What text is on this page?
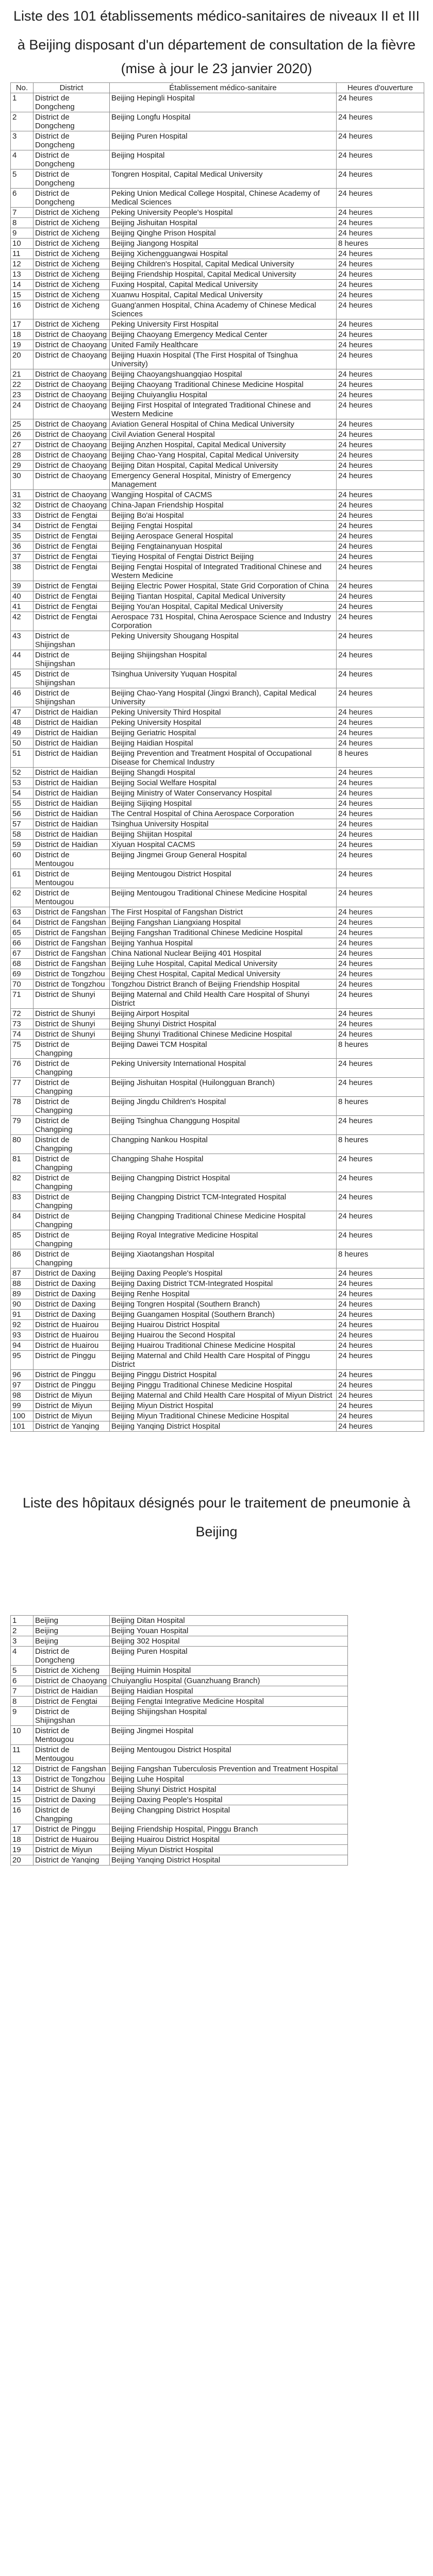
Liste des 101 établissements médico-sanitaires de niveaux II et III

à Beijing disposant d'un département de consultation de la fièvre

(mise à jour le 23 janvier 2020)

No.	District	Établissement médico-sanitaire	Heures d'ouverture
1	District de Dongcheng	Beijing Hepingli Hospital	24 heures
2	District de Dongcheng	Beijing Longfu Hospital	24 heures
3	District de Dongcheng	Beijing Puren Hospital	24 heures
4	District de Dongcheng	Beijing Hospital	24 heures
5	District de Dongcheng	Tongren Hospital, Capital Medical University	24 heures
6	District de Dongcheng	Peking Union Medical College Hospital, Chinese Academy of Medical Sciences	24 heures
7	District de Xicheng	Peking University People's Hospital	24 heures
8	District de Xicheng	Beijing Jishuitan Hospital	24 heures
9	District de Xicheng	Beijing Qinghe Prison Hospital	24 heures
10	District de Xicheng	Beijing Jiangong Hospital	8 heures
11	District de Xicheng	Beijing Xicheng​guang​wai Hospital	24 heures
12	District de Xicheng	Beijing Children's Hospital, Capital Medical University	24 heures
13	District de Xicheng	Beijing Friendship Hospital, Capital Medical University	24 heures
14	District de Xicheng	Fuxing Hospital, Capital Medical University	24 heures
15	District de Xicheng	Xuanwu Hospital, Capital Medical University	24 heures
16	District de Xicheng	Guang'anmen Hospital, China Academy of Chinese Medical Sciences	24 heures
17	District de Xicheng	Peking University First Hospital	24 heures
18	District de Chaoyang	Beijing Chaoyang Emergency Medical Center	24 heures
19	District de Chaoyang	United Family Healthcare	24 heures
20	District de Chaoyang	Beijing Huaxin Hospital (The First Hospital of Tsinghua University)	24 heures
21	District de Chaoyang	Beijing Chaoyangshuangqiao Hospital	24 heures
22	District de Chaoyang	Beijing Chaoyang Traditional Chinese Medicine Hospital	24 heures
23	District de Chaoyang	Beijing Chuiyangliu Hospital	24 heures
24	District de Chaoyang	Beijing First Hospital of Integrated Traditional Chinese and Western Medicine	24 heures
25	District de Chaoyang	Aviation General Hospital of China Medical University	24 heures
26	District de Chaoyang	Civil Aviation General Hospital	24 heures
27	District de Chaoyang	Beijing Anzhen Hospital, Capital Medical University	24 heures
28	District de Chaoyang	Beijing Chao-Yang Hospital, Capital Medical University	24 heures
29	District de Chaoyang	Beijing Ditan Hospital, Capital Medical University	24 heures
30	District de Chaoyang	Emergency General Hospital, Ministry of Emergency Management	24 heures
31	District de Chaoyang	Wangjing Hospital of CACMS	24 heures
32	District de Chaoyang	China-Japan Friendship Hospital	24 heures
33	District de Fengtai	Beijing Bo'ai Hospital	24 heures
34	District de Fengtai	Beijing Fengtai Hospital	24 heures
35	District de Fengtai	Beijing Aerospace General Hospital	24 heures
36	District de Fengtai	Beijing Fengtainanyuan Hospital	24 heures
37	District de Fengtai	Tieying Hospital of Fengtai District Beijing	24 heures
38	District de Fengtai	Beijing Fengtai Hospital of Integrated Traditional Chinese and Western Medicine	24 heures
39	District de Fengtai	Beijing Electric Power Hospital, State Grid Corporation of China	24 heures
40	District de Fengtai	Beijing Tiantan Hospital, Capital Medical University	24 heures
41	District de Fengtai	Beijing You'an Hospital, Capital Medical University	24 heures
42	District de Fengtai	Aerospace 731 Hospital, China Aerospace Science and Industry Corporation	24 heures
43	District de Shijingshan	Peking University Shougang Hospital	24 heures
44	District de Shijingshan	Beijing Shijingshan Hospital	24 heures
45	District de Shijingshan	Tsinghua University Yuquan Hospital	24 heures
46	District de Shijingshan	Beijing Chao-Yang Hospital (Jingxi Branch), Capital Medical University	24 heures
47	District de Haidian	Peking University Third Hospital	24 heures
48	District de Haidian	Peking University Hospital	24 heures
49	District de Haidian	Beijing Geriatric Hospital	24 heures
50	District de Haidian	Beijing Haidian Hospital	24 heures
51	District de Haidian	Beijing Prevention and Treatment Hospital of Occupational Disease for Chemical Industry	8 heures
52	District de Haidian	Beijing Shangdi Hospital	24 heures
53	District de Haidian	Beijing Social Welfare Hospital	24 heures
54	District de Haidian	Beijing Ministry of Water Conservancy Hospital	24 heures
55	District de Haidian	Beijing Sijiqing Hospital	24 heures
56	District de Haidian	The Central Hospital of China Aerospace Corporation	24 heures
57	District de Haidian	Tsinghua University Hospital	24 heures
58	District de Haidian	Beijing Shijitan Hospital	24 heures
59	District de Haidian	Xiyuan Hospital CACMS	24 heures
60	District de Mentougou	Beijing Jingmei Group General Hospital	24 heures
61	District de Mentougou	Beijing Mentougou District Hospital	24 heures
62	District de Mentougou	Beijing Mentougou Traditional Chinese Medicine Hospital	24 heures
63	District de Fangshan	The First Hospital of Fangshan District	24 heures
64	District de Fangshan	Beijing Fangshan Liangxiang Hospital	24 heures
65	District de Fangshan	Beijing Fangshan Traditional Chinese Medicine Hospital	24 heures
66	District de Fangshan	Beijing Yanhua Hospital	24 heures
67	District de Fangshan	China National Nuclear Beijing 401 Hospital	24 heures
68	District de Fangshan	Beijing Luhe Hospital, Capital Medical University	24 heures
69	District de Tongzhou	Beijing Chest Hospital, Capital Medical University	24 heures
70	District de Tongzhou	Tongzhou District Branch of Beijing Friendship Hospital	24 heures
71	District de Shunyi	Beijing Maternal and Child Health Care Hospital of Shunyi District	24 heures
72	District de Shunyi	Beijing Airport Hospital	24 heures
73	District de Shunyi	Beijing Shunyi District Hospital	24 heures
74	District de Shunyi	Beijing Shunyi Traditional Chinese Medicine Hospital	24 heures
75	District de Changping	Beijing Dawei TCM Hospital	8 heures
76	District de Changping	Peking University International Hospital	24 heures
77	District de Changping	Beijing Jishuitan Hospital (Huilongguan Branch)	24 heures
78	District de Changping	Beijing Jingdu Children's Hospital	8 heures
79	District de Changping	Beijing Tsinghua Changgung Hospital	24 heures
80	District de Changping	Changping Nankou Hospital	8 heures
81	District de Changping	Changping Shahe Hospital	24 heures
82	District de Changping	Beijing Changping District Hospital	24 heures
83	District de Changping	Beijing Changping District TCM-Integrated Hospital	24 heures
84	District de Changping	Beijing Changping Traditional Chinese Medicine Hospital	24 heures
85	District de Changping	Beijing Royal Integrative Medicine Hospital	24 heures
86	District de Changping	Beijing Xiaotangshan Hospital	8 heures
87	District de Daxing	Beijing Daxing People's Hospital	24 heures
88	District de Daxing	Beijing Daxing District TCM-Integrated Hospital	24 heures
89	District de Daxing	Beijing Renhe Hospital	24 heures
90	District de Daxing	Beijing Tongren Hospital (Southern Branch)	24 heures
91	District de Daxing	Beijing Guangamen Hospital (Southern Branch)	24 heures
92	District de Huairou	Beijing Huairou District Hospital	24 heures
93	District de Huairou	Beijing Huairou the Second Hospital	24 heures
94	District de Huairou	Beijing Huairou Traditional Chinese Medicine Hospital	24 heures
95	District de Pinggu	Beijing Maternal and Child Health Care Hospital of Pinggu District	24 heures
96	District de Pinggu	Beijing Pinggu District Hospital	24 heures
97	District de Pinggu	Beijing Pinggu Traditional Chinese Medicine Hospital	24 heures
98	District de Miyun	Beijing Maternal and Child Health Care Hospital of Miyun District	24 heures
99	District de Miyun	Beijing Miyun District Hospital	24 heures
100	District de Miyun	Beijing Miyun Traditional Chinese Medicine Hospital	24 heures
101	District de Yanqing	Beijing Yanqing District Hospital	24 heures

Liste des hôpitaux désignés pour le traitement de pneumonie à

Beijing

1	Beijing	Beijing Ditan Hospital
2	Beijing	Beijing Youan Hospital
3	Beijing	Beijing 302 Hospital
4	District de Dongcheng	Beijing Puren Hospital
5	District de Xicheng	Beijing Huimin Hospital
6	District de Chaoyang	Chuiyangliu Hospital (Guanzhuang Branch)
7	District de Haidian	Beijing Haidian Hospital
8	District de Fengtai	Beijing Fengtai Integrative Medicine Hospital
9	District de Shijingshan	Beijing Shijingshan Hospital
10	District de Mentougou	Beijing Jingmei Hospital
11	District de Mentougou	Beijing Mentougou District Hospital
12	District de Fangshan	Beijing Fangshan Tuberculosis Prevention and Treatment Hospital
13	District de Tongzhou	Beijing Luhe Hospital
14	District de Shunyi	Beijing Shunyi District Hospital
15	District de Daxing	Beijing Daxing People's Hospital
16	District de Changping	Beijing Changping District Hospital
17	District de Pinggu	Beijing Friendship Hospital, Pinggu Branch
18	District de Huairou	Beijing Huairou District Hospital
19	District de Miyun	Beijing Miyun District Hospital
20	District de Yanqing	Beijing Yanqing District Hospital
